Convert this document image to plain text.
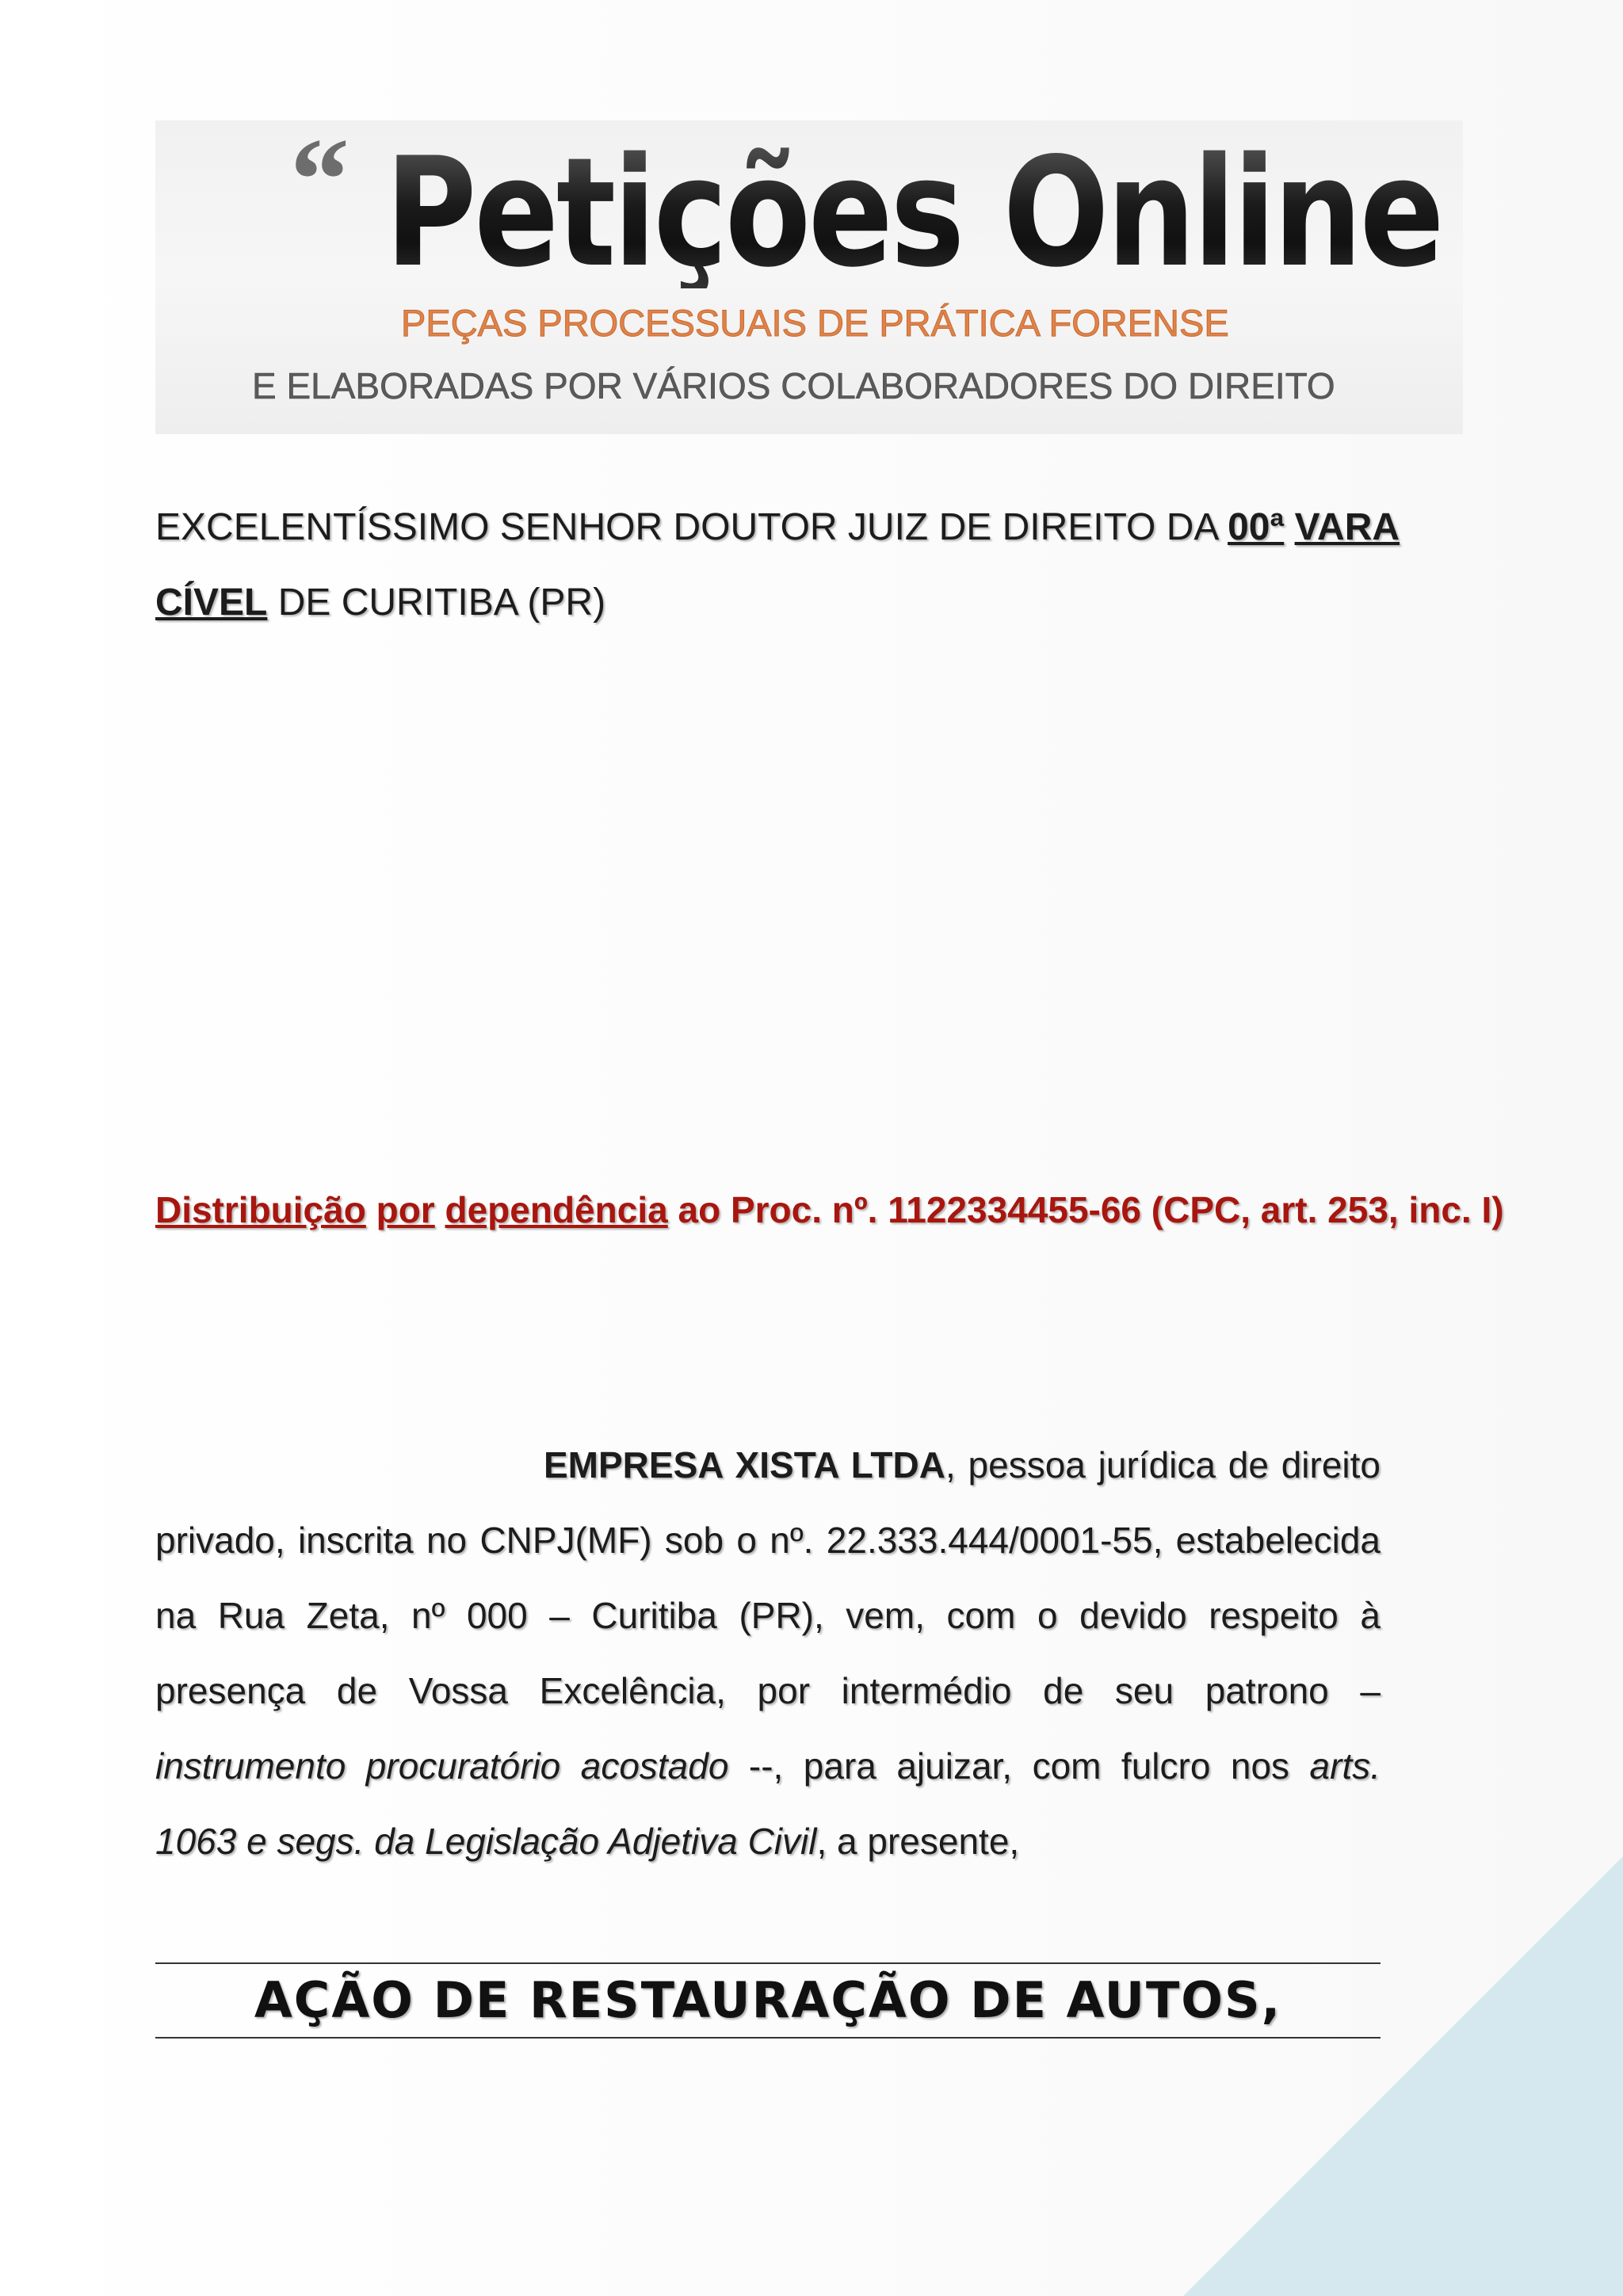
“ Petições Online
PEÇAS PROCESSUAIS DE PRÁTICA FORENSE
E ELABORADAS POR VÁRIOS COLABORADORES DO DIREITO
EXCELENTÍSSIMO SENHOR DOUTOR JUIZ DE DIREITO DA 00ª VARA CÍVEL DE CURITIBA (PR)
Distribuição por dependência ao Proc. nº. 1122334455-66 (CPC, art. 253, inc. I)
EMPRESA XISTA LTDA, pessoa jurídica de direito privado, inscrita no CNPJ(MF) sob o nº. 22.333.444/0001-55, estabelecida na Rua Zeta, nº 000 – Curitiba (PR), vem, com o devido respeito à presença de Vossa Excelência, por intermédio de seu patrono – instrumento procuratório acostado --, para ajuizar, com fulcro nos arts. 1063 e segs. da Legislação Adjetiva Civil, a presente,
AÇÃO DE RESTAURAÇÃO DE AUTOS,
1
